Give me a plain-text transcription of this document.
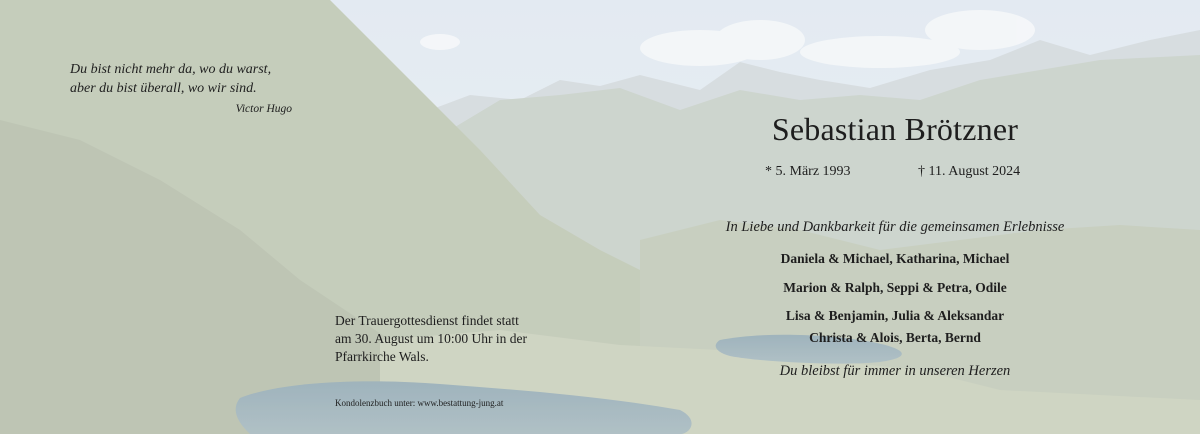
Du bist nicht mehr da, wo du warst,
aber du bist überall, wo wir sind.
Victor Hugo
Sebastian Brötzner
* 5. März 1993	† 11. August 2024
In Liebe und Dankbarkeit für die gemeinsamen Erlebnisse
Daniela & Michael, Katharina, Michael
Marion & Ralph, Seppi & Petra, Odile
Lisa & Benjamin, Julia & Aleksandar
Christa & Alois, Berta, Bernd
Du bleibst für immer in unseren Herzen
Der Trauergottesdienst findet statt
am 30. August um 10:00 Uhr in der
Pfarrkirche Wals.
Kondolenzbuch unter: www.bestattung-jung.at
